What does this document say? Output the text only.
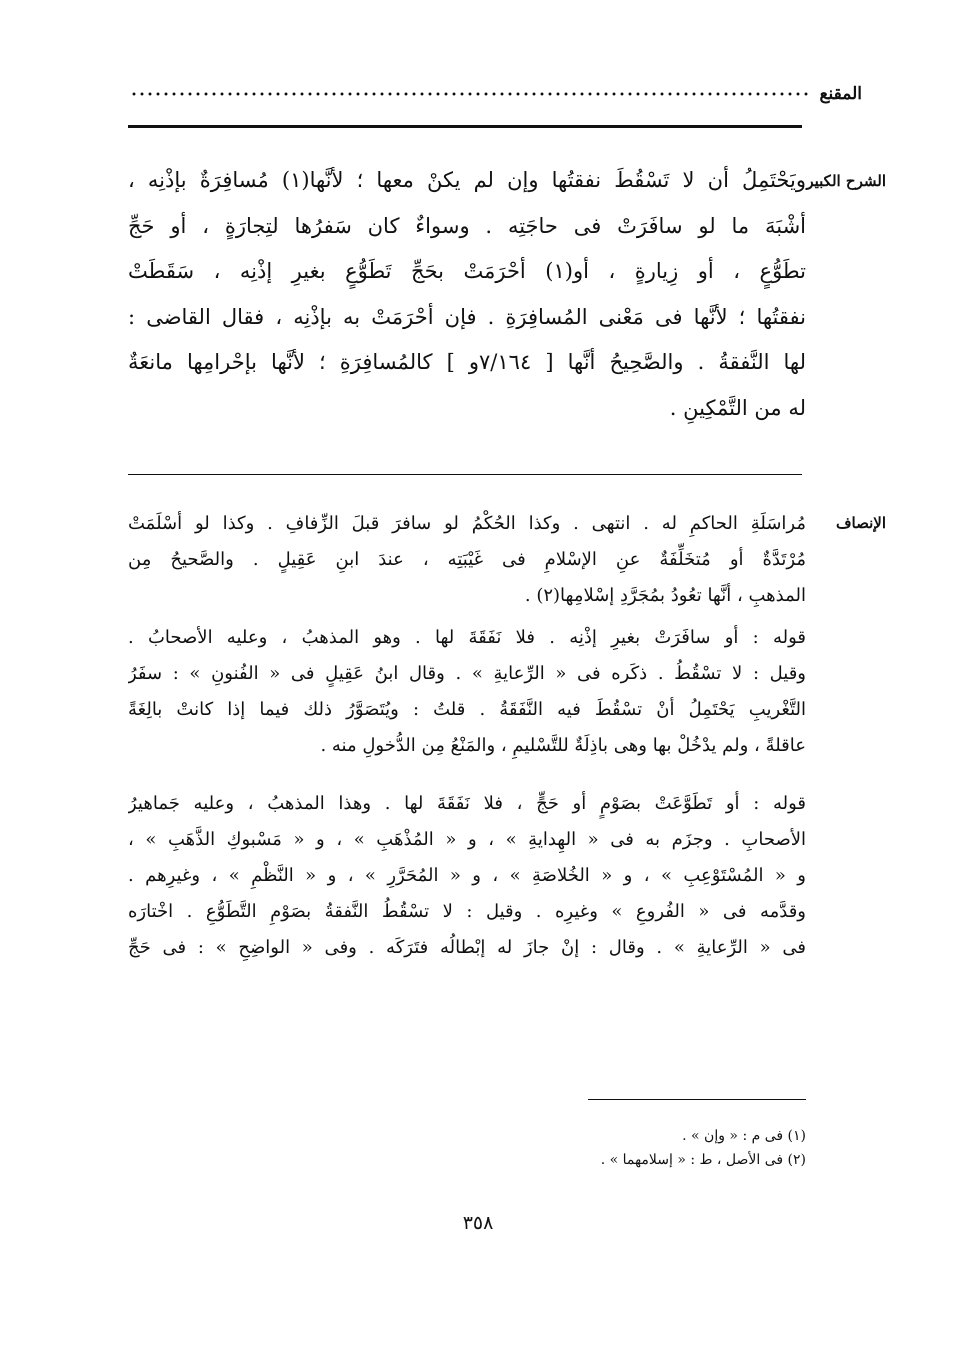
المقنع
الشرح الكبير
ويَحْتَمِلُ أن لا تَسْقُطَ نفقتُها وإن لم يكنْ معها ؛ لأنَّها(١) مُسافِرَةٌ بإذْنِه ،
أشْبَهَ ما لو سافَرَتْ فى حاجَتِه . وسواءٌ كان سَفرُها لتِجارَةٍ ، أو حَجِّ
تطَوُّعٍ ، أو زِيارةٍ ، أو(١) أحْرَمَتْ بحَجِّ تَطَوُّعٍ بغيرِ إذْنِه ، سَقَطَتْ
نفقتُها ؛ لأنَّها فى مَعْنى المُسافِرَةِ . فإن أحْرَمَتْ به بإذْنِه ، فقال القاضى :
لها النَّفقةُ . والصَّحِيحُ أنَّها [ ٧/١٦٤و ] كالمُسافِرَةِ ؛ لأنَّها بإحْرامِها مانعَةٌ
له من التَّمْكِينِ .
الإنصاف
مُراسَلَةِ الحاكمِ له . انتهى . وكذا الحُكْمُ لو سافرَ قبلَ الزِّفافِ . وكذا لو أسْلَمَتْ
مُرْتَدَّةٌ أو مُتخَلِّفَةٌ عنِ الإسْلامِ فى غَيْبَتِه ، عندَ ابنِ عَقِيلٍ . والصَّحيحُ مِن
المذهبِ ، أنَّها تعُودُ بمُجَرَّدِ إسْلامِها(٢) .
قوله : أو سافَرَتْ بغيرِ إذْنِه . فلا نَفَقَةَ لها . وهو المذهبُ ، وعليه الأصحابُ .
وقيل : لا تسْقُطُ . ذكَره فى « الرِّعايةِ » . وقال ابنُ عَقِيلٍ فى « الفُنونِ » : سفَرُ
التَّغْريبِ يَحْتَمِلُ أنْ تسْقُطَ فيه النَّفَقَةُ . قلتُ : ويُتَصَوَّرُ ذلك فيما إذا كانتْ بالِغَةً
عاقلةً ، ولم يدْخُلْ بها وهى باذِلَةٌ للتَّسْليمِ ، والمَنْعُ مِن الدُّخولِ منه .
قوله : أو تَطَوَّعَتْ بصَوْمٍ أو حَجٍّ ، فلا نَفَقَةَ لها . وهذا المذهبُ ، وعليه جَماهيرُ
الأصحابِ . وجزَم به فى « الهِدايةِ » ، و « المُذْهَبِ » ، و « مَسْبوكِ الذَّهَبِ » ،
و « المُسْتَوْعِبِ » ، و « الخُلاصَةِ » ، و « المُحَرَّرِ » ، و « النَّظْمِ » ، وغيرِهم .
وقدَّمه فى « الفُروعِ » وغيرِه . وقيل : لا تسْقُطُ النَّفقةُ بصَوْمِ التَّطَوُّعِ . اخْتارَه
فى « الرِّعايةِ » . وقال : إنْ جازَ له إبْطالُه فتَرَكَه . وفى « الواضِحِ » : فى حَجِّ
(١) فى م : « وإن » .
(٢) فى الأصل ، ط : « إسلامهما » .
٣٥٨
